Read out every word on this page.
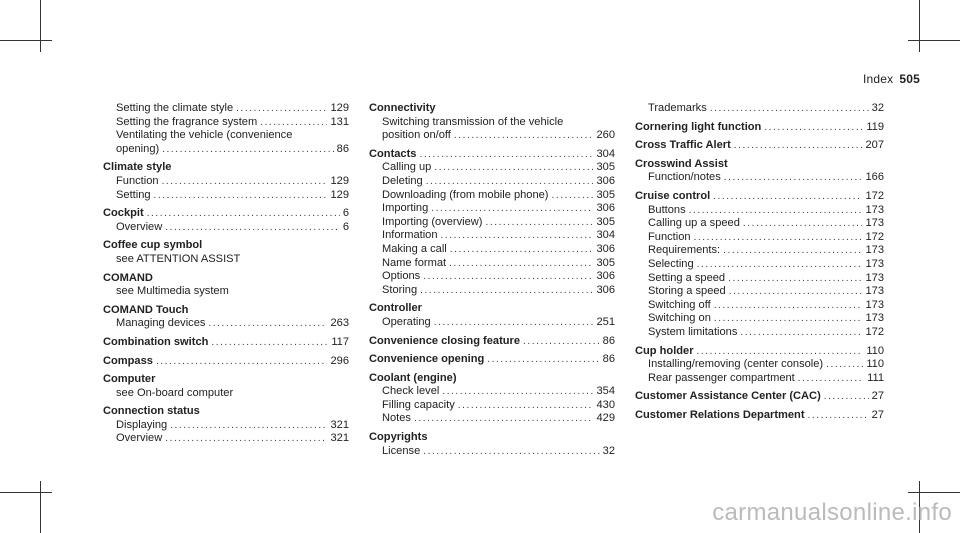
Index 505
Setting the climate style . . .	129
Setting the fragrance system . . .	131
Ventilating the vehicle (convenience
opening) . . .	86
Climate style
Function . . .	129
Setting . . .	129
Cockpit . . .	6
Overview . . .	6
Coffee cup symbol
see ATTENTION ASSIST
COMAND
see Multimedia system
COMAND Touch
Managing devices . . .	263
Combination switch . . .	117
Compass . . .	296
Computer
see On-board computer
Connection status
Displaying . . .	321
Overview . . .	321
Connectivity
Switching transmission of the vehicle
position on/off . . .	260
Contacts . . .	304
Calling up . . .	305
Deleting . . .	306
Downloading (from mobile phone) . . .	305
Importing . . .	306
Importing (overview) . . .	305
Information . . .	304
Making a call . . .	306
Name format . . .	305
Options . . .	306
Storing . . .	306
Controller
Operating . . .	251
Convenience closing feature . . .	86
Convenience opening . . .	86
Coolant (engine)
Check level . . .	354
Filling capacity . . .	430
Notes . . .	429
Copyrights
License . . .	32
Trademarks . . .	32
Cornering light function . . .	119
Cross Traffic Alert . . .	207
Crosswind Assist
Function/notes . . .	166
Cruise control . . .	172
Buttons . . .	173
Calling up a speed . . .	173
Function . . .	172
Requirements: . . .	173
Selecting . . .	173
Setting a speed . . .	173
Storing a speed . . .	173
Switching off . . .	173
Switching on . . .	173
System limitations . . .	172
Cup holder . . .	110
Installing/removing (center console) . . .	110
Rear passenger compartment . . .	111
Customer Assistance Center (CAC) . . .	27
Customer Relations Department . . .	27
carmanualsonline.info
